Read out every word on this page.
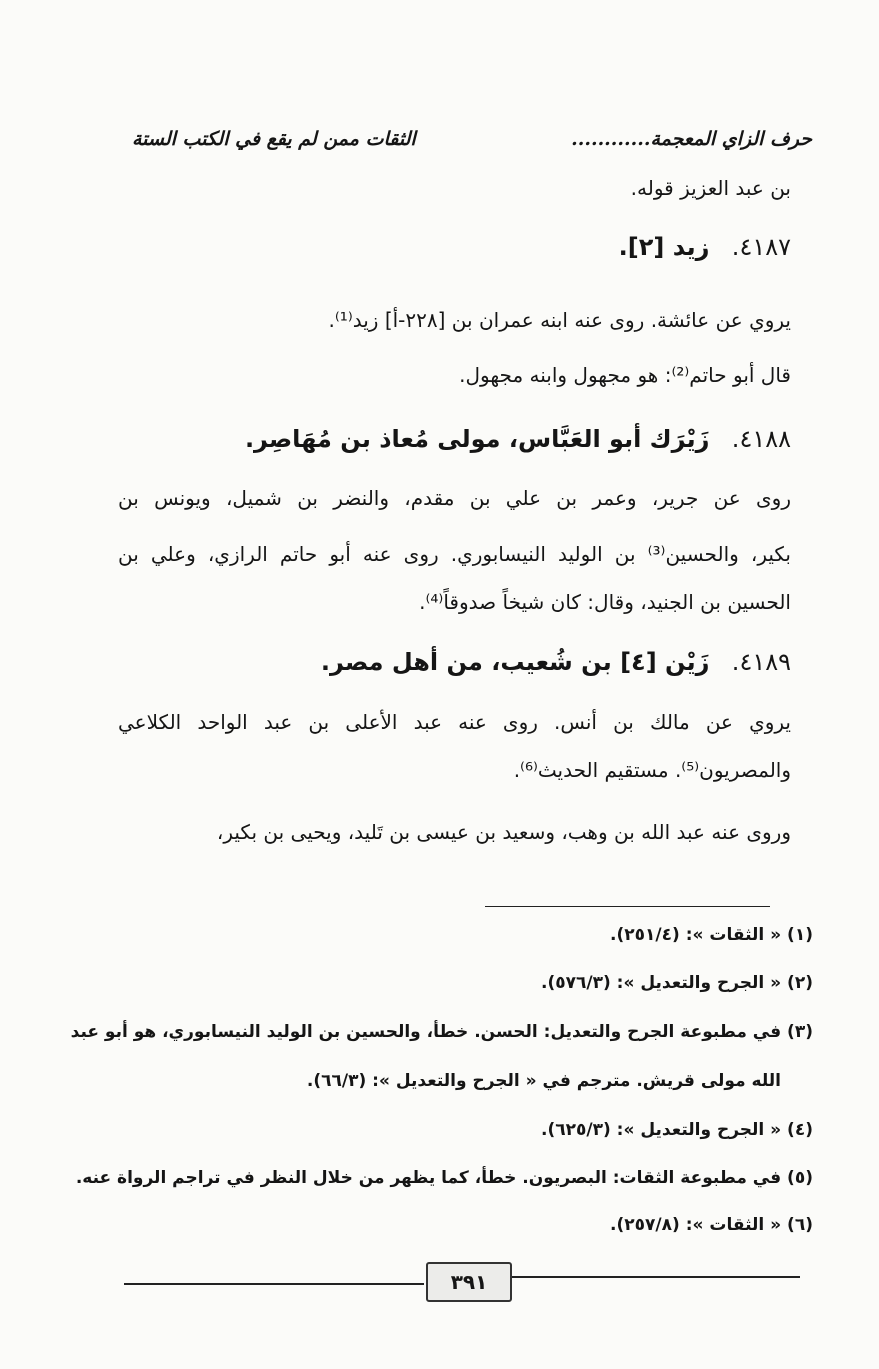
حرف الزاي المعجمة............
الثقات ممن لم يقع في الكتب الستة
بن عبد العزيز قوله.
٤١٨٧. زيد [٢].
يروي عن عائشة. روى عنه ابنه عمران بن [٢٢٨-أ] زيد⁽¹⁾.
قال أبو حاتم⁽²⁾: هو مجهول وابنه مجهول.
٤١٨٨. زَيْرَك أبو العَبَّاس، مولى مُعاذ بن مُهَاصِر.
روى عن جرير، وعمر بن علي بن مقدم، والنضر بن شميل، ويونس بن
بكير، والحسين⁽³⁾ بن الوليد النيسابوري. روى عنه أبو حاتم الرازي، وعلي بن
الحسين بن الجنيد، وقال: كان شيخاً صدوقاً⁽⁴⁾.
٤١٨٩. زَيْن [٤] بن شُعيب، من أهل مصر.
يروي عن مالك بن أنس. روى عنه عبد الأعلى بن عبد الواحد الكلاعي
والمصريون⁽⁵⁾. مستقيم الحديث⁽⁶⁾.
وروى عنه عبد الله بن وهب، وسعيد بن عيسى بن تَليد، ويحيى بن بكير،
(١) « الثقات »: (٢٥١/٤).
(٢) « الجرح والتعديل »: (٥٧٦/٣).
(٣) في مطبوعة الجرح والتعديل: الحسن. خطأ، والحسين بن الوليد النيسابوري، هو أبو عبد
الله مولى قريش. مترجم في « الجرح والتعديل »: (٦٦/٣).
(٤) « الجرح والتعديل »: (٦٢٥/٣).
(٥) في مطبوعة الثقات: البصريون. خطأ، كما يظهر من خلال النظر في تراجم الرواة عنه.
(٦) « الثقات »: (٢٥٧/٨).
٣٩١
